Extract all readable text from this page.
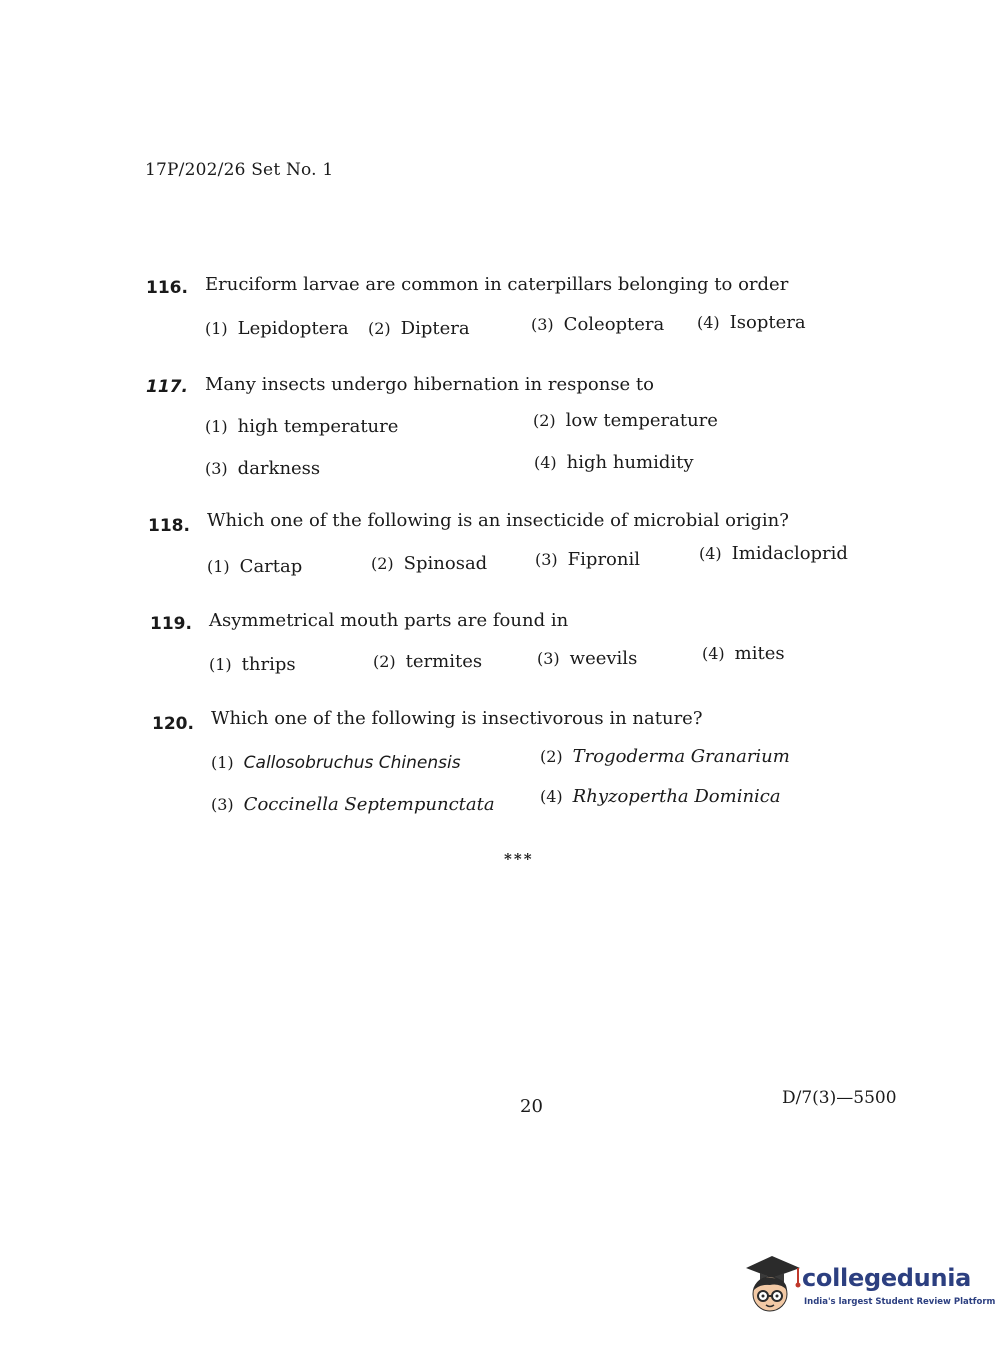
17P/202/26 Set No. 1
116. Eruciform larvae are common in caterpillars belonging to order
(1) Lepidoptera (2) Diptera	(3) Coleoptera (4) Isoptera
117. Many insects undergo hibernation in response to
(1) high temperature	(2) low temperature
(3) darkness	(4) high humidity
118. Which one of the following is an insecticide of microbial origin?
(1) Cartap	(2) Spinosad	(3) Fipronil	(4) Imidacloprid
119. Asymmetrical mouth parts are found in
(1) thrips	(2) termites	(3) weevils	(4) mites
120. Which one of the following is insectivorous in nature?
(1) Callosobruchus Chinensis	(2) Trogoderma Granarium
(3) Coccinella Septempunctata	(4) Rhyzopertha Dominica
***
20	D/7(3)—5500
collegedunia
India's largest Student Review Platform
